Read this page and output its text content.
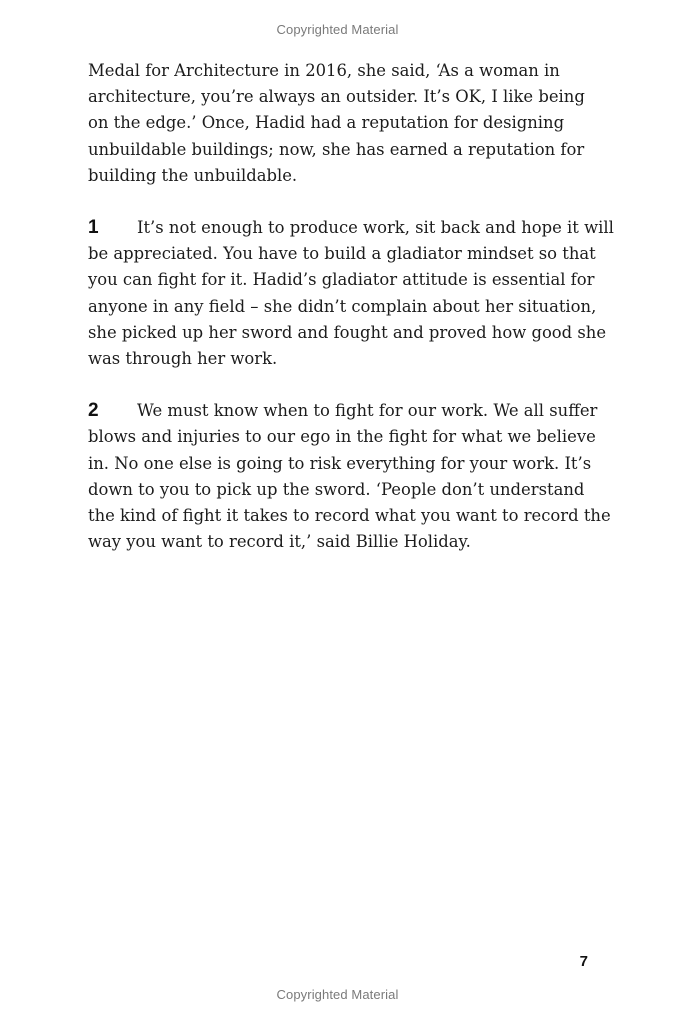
Copyrighted Material

Medal for Architecture in 2016, she said, ‘As a woman in
architecture, you’re always an outsider. It’s OK, I like being
on the edge.’ Once, Hadid had a reputation for designing
unbuildable buildings; now, she has earned a reputation for
building the unbuildable.

1 It’s not enough to produce work, sit back and hope it will
be appreciated. You have to build a gladiator mindset so that
you can fight for it. Hadid’s gladiator attitude is essential for
anyone in any field – she didn’t complain about her situation,
she picked up her sword and fought and proved how good she
was through her work.

2 We must know when to fight for our work. We all suffer
blows and injuries to our ego in the fight for what we believe
in. No one else is going to risk everything for your work. It’s
down to you to pick up the sword. ‘People don’t understand
the kind of fight it takes to record what you want to record the
way you want to record it,’ said Billie Holiday.

7
Copyrighted Material
